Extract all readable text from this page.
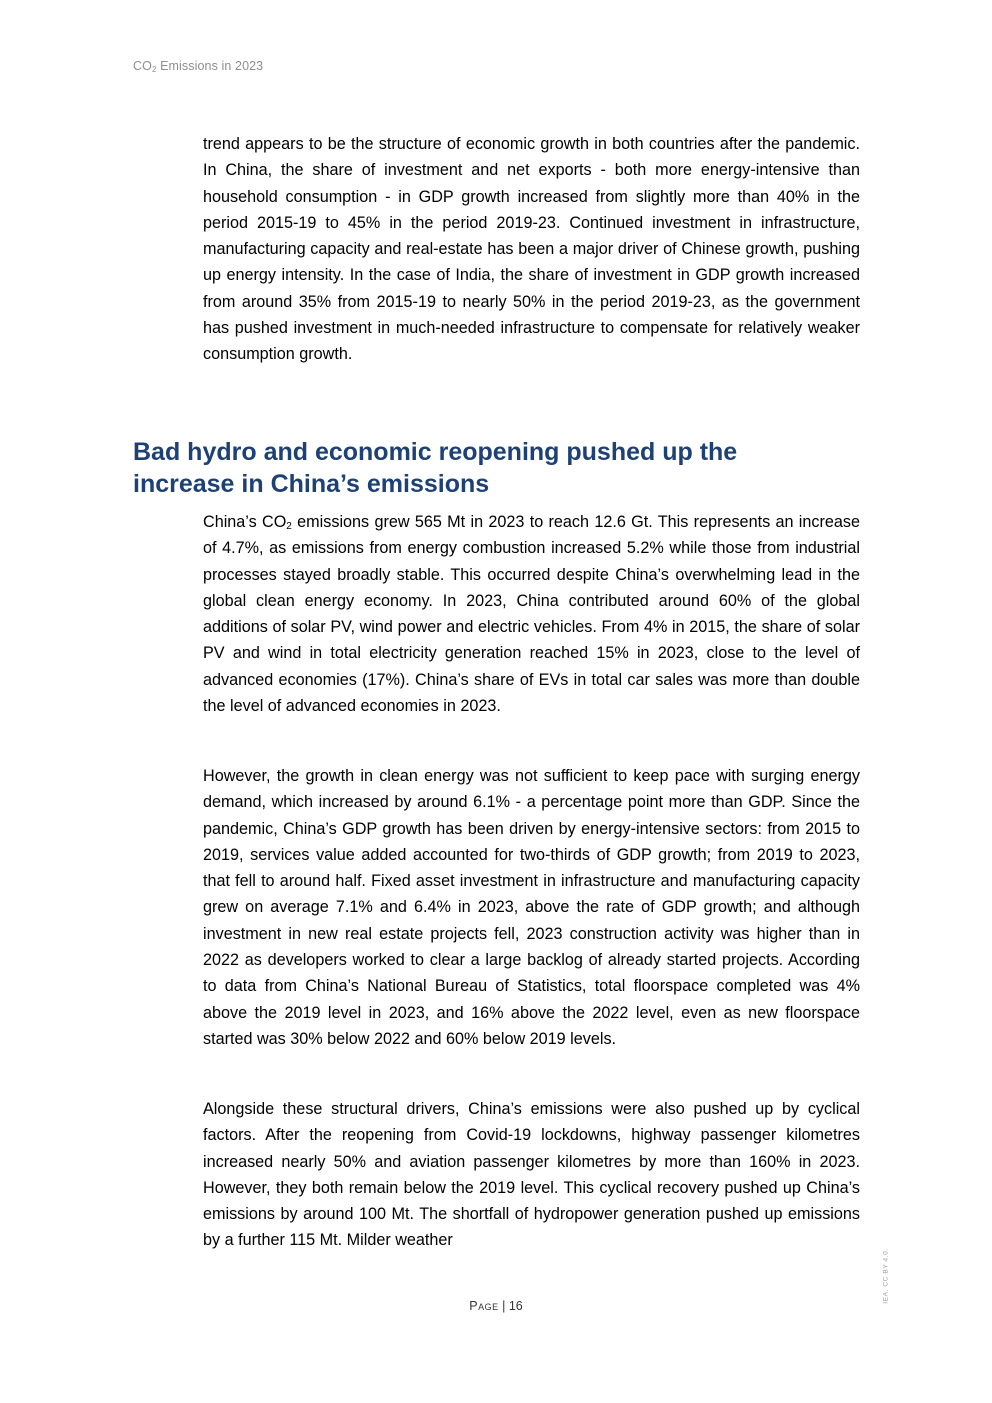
$CO_2$ Emissions in 2023

trend appears to be the structure of economic growth in both countries after the pandemic. In China, the share of investment and net exports - both more energy-intensive than household consumption - in GDP growth increased from slightly more than 40% in the period 2015-19 to 45% in the period 2019-23. Continued investment in infrastructure, manufacturing capacity and real-estate has been a major driver of Chinese growth, pushing up energy intensity. In the case of India, the share of investment in GDP growth increased from around 35% from 2015-19 to nearly 50% in the period 2019-23, as the government has pushed investment in much-needed infrastructure to compensate for relatively weaker consumption growth.

Bad hydro and economic reopening pushed up the
increase in China’s emissions

China’s $CO_2$ emissions grew 565 Mt in 2023 to reach 12.6 Gt. This represents an increase of 4.7%, as emissions from energy combustion increased 5.2% while those from industrial processes stayed broadly stable. This occurred despite China’s overwhelming lead in the global clean energy economy. In 2023, China contributed around 60% of the global additions of solar PV, wind power and electric vehicles. From 4% in 2015, the share of solar PV and wind in total electricity generation reached 15% in 2023, close to the level of advanced economies (17%). China’s share of EVs in total car sales was more than double the level of advanced economies in 2023.

However, the growth in clean energy was not sufficient to keep pace with surging energy demand, which increased by around 6.1% - a percentage point more than GDP. Since the pandemic, China’s GDP growth has been driven by energy-intensive sectors: from 2015 to 2019, services value added accounted for two-thirds of GDP growth; from 2019 to 2023, that fell to around half. Fixed asset investment in infrastructure and manufacturing capacity grew on average 7.1% and 6.4% in 2023, above the rate of GDP growth; and although investment in new real estate projects fell, 2023 construction activity was higher than in 2022 as developers worked to clear a large backlog of already started projects. According to data from China’s National Bureau of Statistics, total floorspace completed was 4% above the 2019 level in 2023, and 16% above the 2022 level, even as new floorspace started was 30% below 2022 and 60% below 2019 levels.

Alongside these structural drivers, China’s emissions were also pushed up by cyclical factors. After the reopening from Covid-19 lockdowns, highway passenger kilometres increased nearly 50% and aviation passenger kilometres by more than 160% in 2023. However, they both remain below the 2019 level. This cyclical recovery pushed up China’s emissions by around 100 Mt. The shortfall of hydropower generation pushed up emissions by a further 115 Mt. Milder weather

Page | 16
IEA. CC BY 4.0.
